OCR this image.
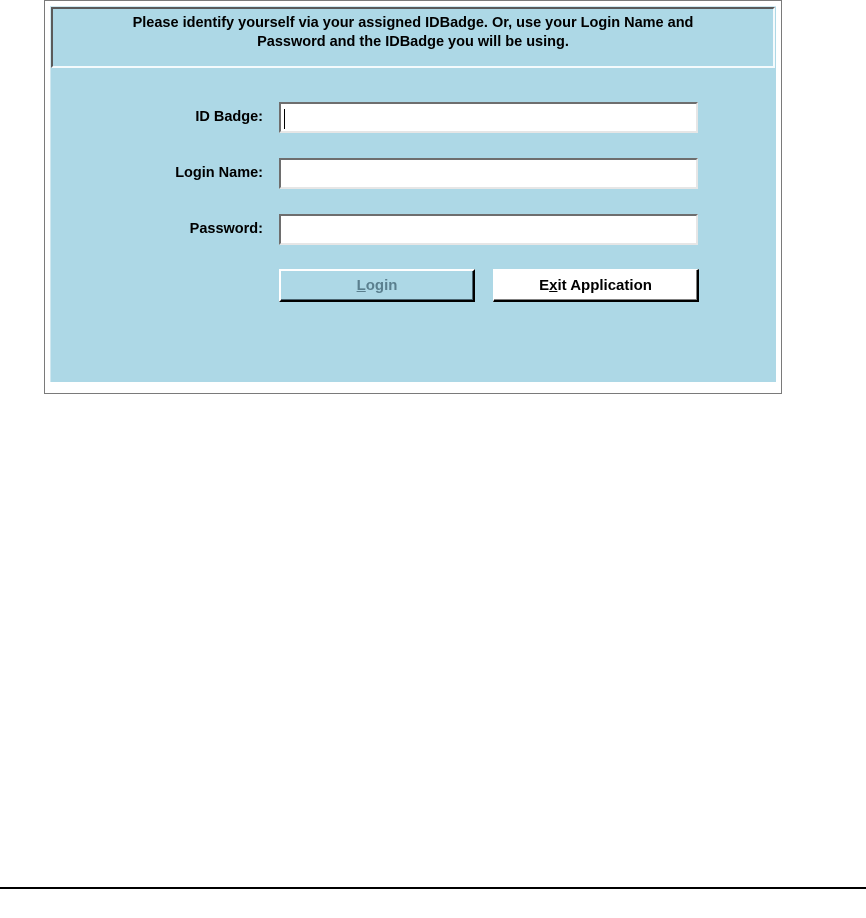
Please identify yourself via your assigned IDBadge. Or, use your Login Name and

Password and the IDBadge you will be using.

ID Badge:
Login Name:
Password:
Login	Exit Application
